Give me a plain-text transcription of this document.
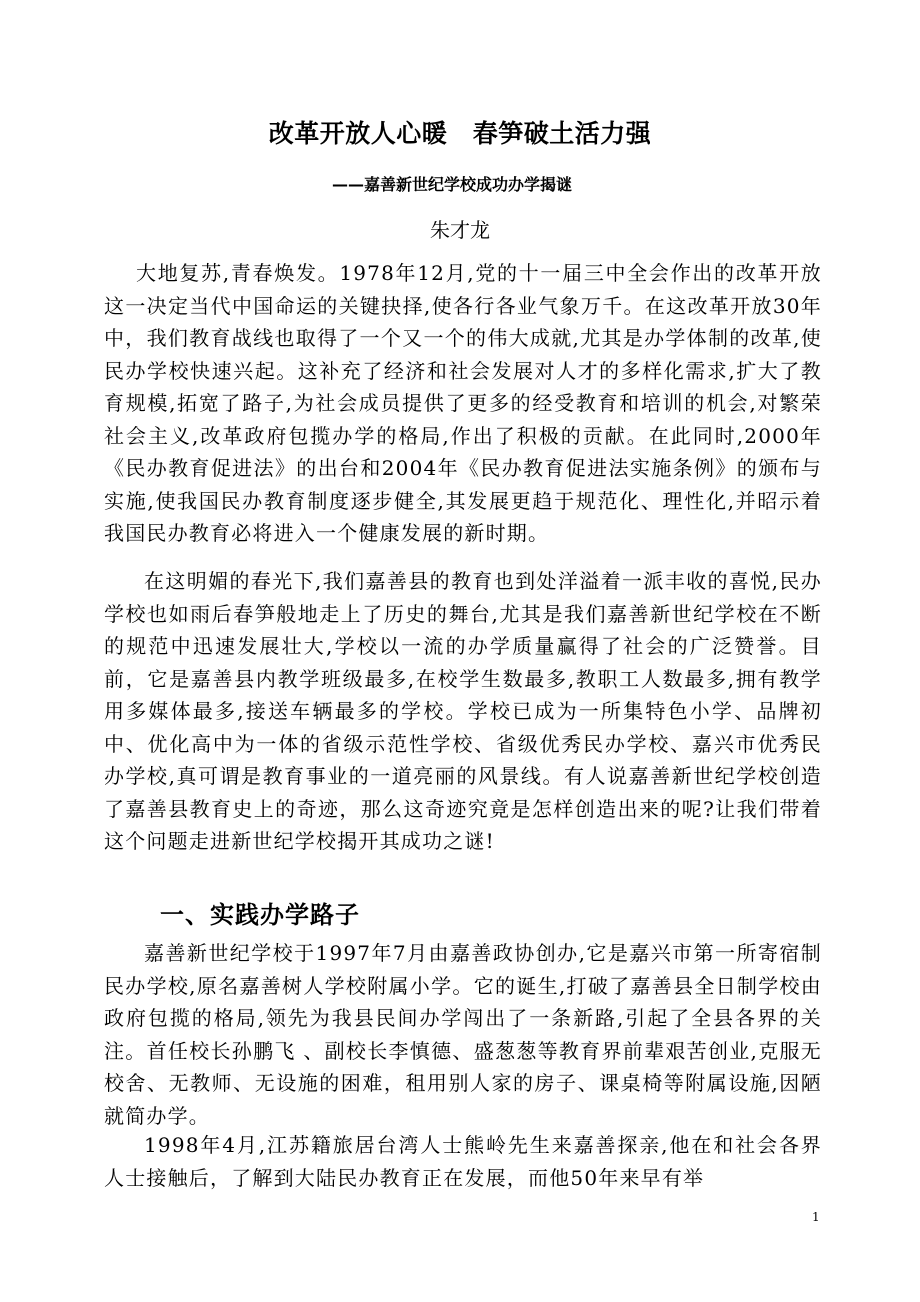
改革开放人心暖　春笋破土活力强
——嘉善新世纪学校成功办学揭谜
朱才龙

大地复苏,青春焕发。1978年12月,党的十一届三中全会作出的改革开放这一决定当代中国命运的关键抉择,使各行各业气象万千。在这改革开放30年中，我们教育战线也取得了一个又一个的伟大成就,尤其是办学体制的改革,使民办学校快速兴起。这补充了经济和社会发展对人才的多样化需求,扩大了教育规模,拓宽了路子,为社会成员提供了更多的经受教育和培训的机会,对繁荣社会主义,改革政府包揽办学的格局,作出了积极的贡献。在此同时,2000年《民办教育促进法》的出台和2004年《民办教育促进法实施条例》的颁布与实施,使我国民办教育制度逐步健全,其发展更趋于规范化、理性化,并昭示着我国民办教育必将进入一个健康发展的新时期。

在这明媚的春光下,我们嘉善县的教育也到处洋溢着一派丰收的喜悦,民办学校也如雨后春笋般地走上了历史的舞台,尤其是我们嘉善新世纪学校在不断的规范中迅速发展壮大,学校以一流的办学质量赢得了社会的广泛赞誉。目前，它是嘉善县内教学班级最多,在校学生数最多,教职工人数最多,拥有教学用多媒体最多,接送车辆最多的学校。学校已成为一所集特色小学、品牌初中、优化高中为一体的省级示范性学校、省级优秀民办学校、嘉兴市优秀民办学校,真可谓是教育事业的一道亮丽的风景线。有人说嘉善新世纪学校创造了嘉善县教育史上的奇迹，那么这奇迹究竟是怎样创造出来的呢?让我们带着这个问题走进新世纪学校揭开其成功之谜!

一、实践办学路子

嘉善新世纪学校于1997年7月由嘉善政协创办,它是嘉兴市第一所寄宿制民办学校,原名嘉善树人学校附属小学。它的诞生,打破了嘉善县全日制学校由政府包揽的格局,领先为我县民间办学闯出了一条新路,引起了全县各界的关注。首任校长孙鹏飞 、副校长李慎德、盛葱葱等教育界前辈艰苦创业,克服无校舍、无教师、无设施的困难，租用别人家的房子、课桌椅等附属设施,因陋就简办学。

1998年4月,江苏籍旅居台湾人士熊岭先生来嘉善探亲,他在和社会各界人士接触后，了解到大陆民办教育正在发展，而他50年来早有举

1
